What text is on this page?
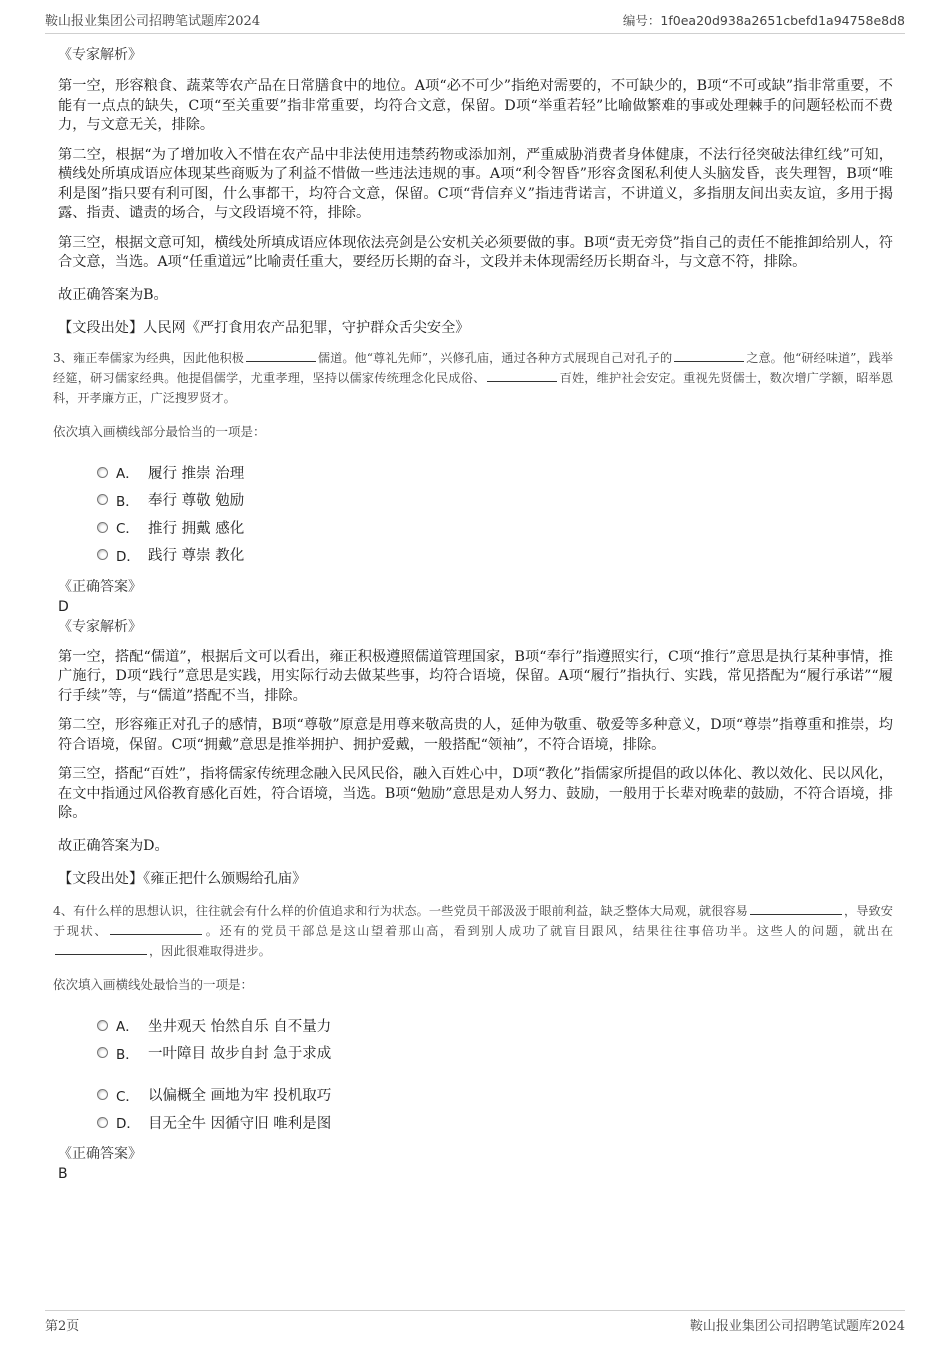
鞍山报业集团公司招聘笔试题库2024	编号：1f0ea20d938a2651cbefd1a94758e8d8
《专家解析》

第一空，形容粮食、蔬菜等农产品在日常膳食中的地位。A项“必不可少”指绝对需要的，不可缺少的，B项“不可或缺”指非常重要，不能有一点点的缺失，C项“至关重要”指非常重要，均符合文意，保留。D项“举重若轻”比喻做繁难的事或处理棘手的问题轻松而不费力，与文意无关，排除。

第二空，根据“为了增加收入不惜在农产品中非法使用违禁药物或添加剂，严重威胁消费者身体健康，不法行径突破法律红线”可知，横线处所填成语应体现某些商贩为了利益不惜做一些违法违规的事。A项“利令智昏”形容贪图私利使人头脑发昏，丧失理智，B项“唯利是图”指只要有利可图，什么事都干，均符合文意，保留。C项“背信弃义”指违背诺言，不讲道义，多指朋友间出卖友谊，多用于揭露、指责、谴责的场合，与文段语境不符，排除。

第三空，根据文意可知，横线处所填成语应体现依法亮剑是公安机关必须要做的事。B项“责无旁贷”指自己的责任不能推卸给别人，符合文意，当选。A项“任重道远”比喻责任重大，要经历长期的奋斗，文段并未体现需经历长期奋斗，与文意不符，排除。

故正确答案为B。

【文段出处】人民网《严打食用农产品犯罪，守护群众舌尖安全》
3、雍正奉儒家为经典，因此他积极	儒道。他“尊礼先师”，兴修孔庙，通过各种方式展现自己对孔子的	之意。他“研经味道”，践举经筵，研习儒家经典。他提倡儒学，尤重孝理，坚持以儒家传统理念化民成俗、	百姓，维护社会安定。重视先贤儒士，数次增广学额，昭举恩科，开孝廉方正，广泛搜罗贤才。
依次填入画横线部分最恰当的一项是：
A． 履行 推崇 治理
B． 奉行 尊敬 勉励
C． 推行 拥戴 感化
D． 践行 尊崇 教化
《正确答案》
D
《专家解析》

第一空，搭配“儒道”，根据后文可以看出，雍正积极遵照儒道管理国家，B项“奉行”指遵照实行，C项“推行”意思是执行某种事情，推广施行，D项“践行”意思是实践，用实际行动去做某些事，均符合语境，保留。A项“履行”指执行、实践，常见搭配为“履行承诺”“履行手续”等，与“儒道”搭配不当，排除。

第二空，形容雍正对孔子的感情，B项“尊敬”原意是用尊来敬高贵的人，延伸为敬重、敬爱等多种意义，D项“尊崇”指尊重和推崇，均符合语境，保留。C项“拥戴”意思是推举拥护、拥护爱戴，一般搭配“领袖”，不符合语境，排除。

第三空，搭配“百姓”，指将儒家传统理念融入民风民俗，融入百姓心中，D项“教化”指儒家所提倡的政以体化、教以效化、民以风化，在文中指通过风俗教育感化百姓，符合语境，当选。B项“勉励”意思是劝人努力、鼓励，一般用于长辈对晚辈的鼓励，不符合语境，排除。

故正确答案为D。

【文段出处】《雍正把什么颁赐给孔庙》
4、有什么样的思想认识，往往就会有什么样的价值追求和行为状态。一些党员干部汲汲于眼前利益，缺乏整体大局观，就很容易	，导致安于现状、	。还有的党员干部总是这山望着那山高，看到别人成功了就盲目跟风，结果往往事倍功半。这些人的问题，就出在，因此很难取得进步。
依次填入画横线处最恰当的一项是：
A． 坐井观天 怡然自乐 自不量力
B． 一叶障目 故步自封 急于求成
C． 以偏概全 画地为牢 投机取巧
D． 目无全牛 因循守旧 唯利是图
《正确答案》
B
第2页	鞍山报业集团公司招聘笔试题库2024
